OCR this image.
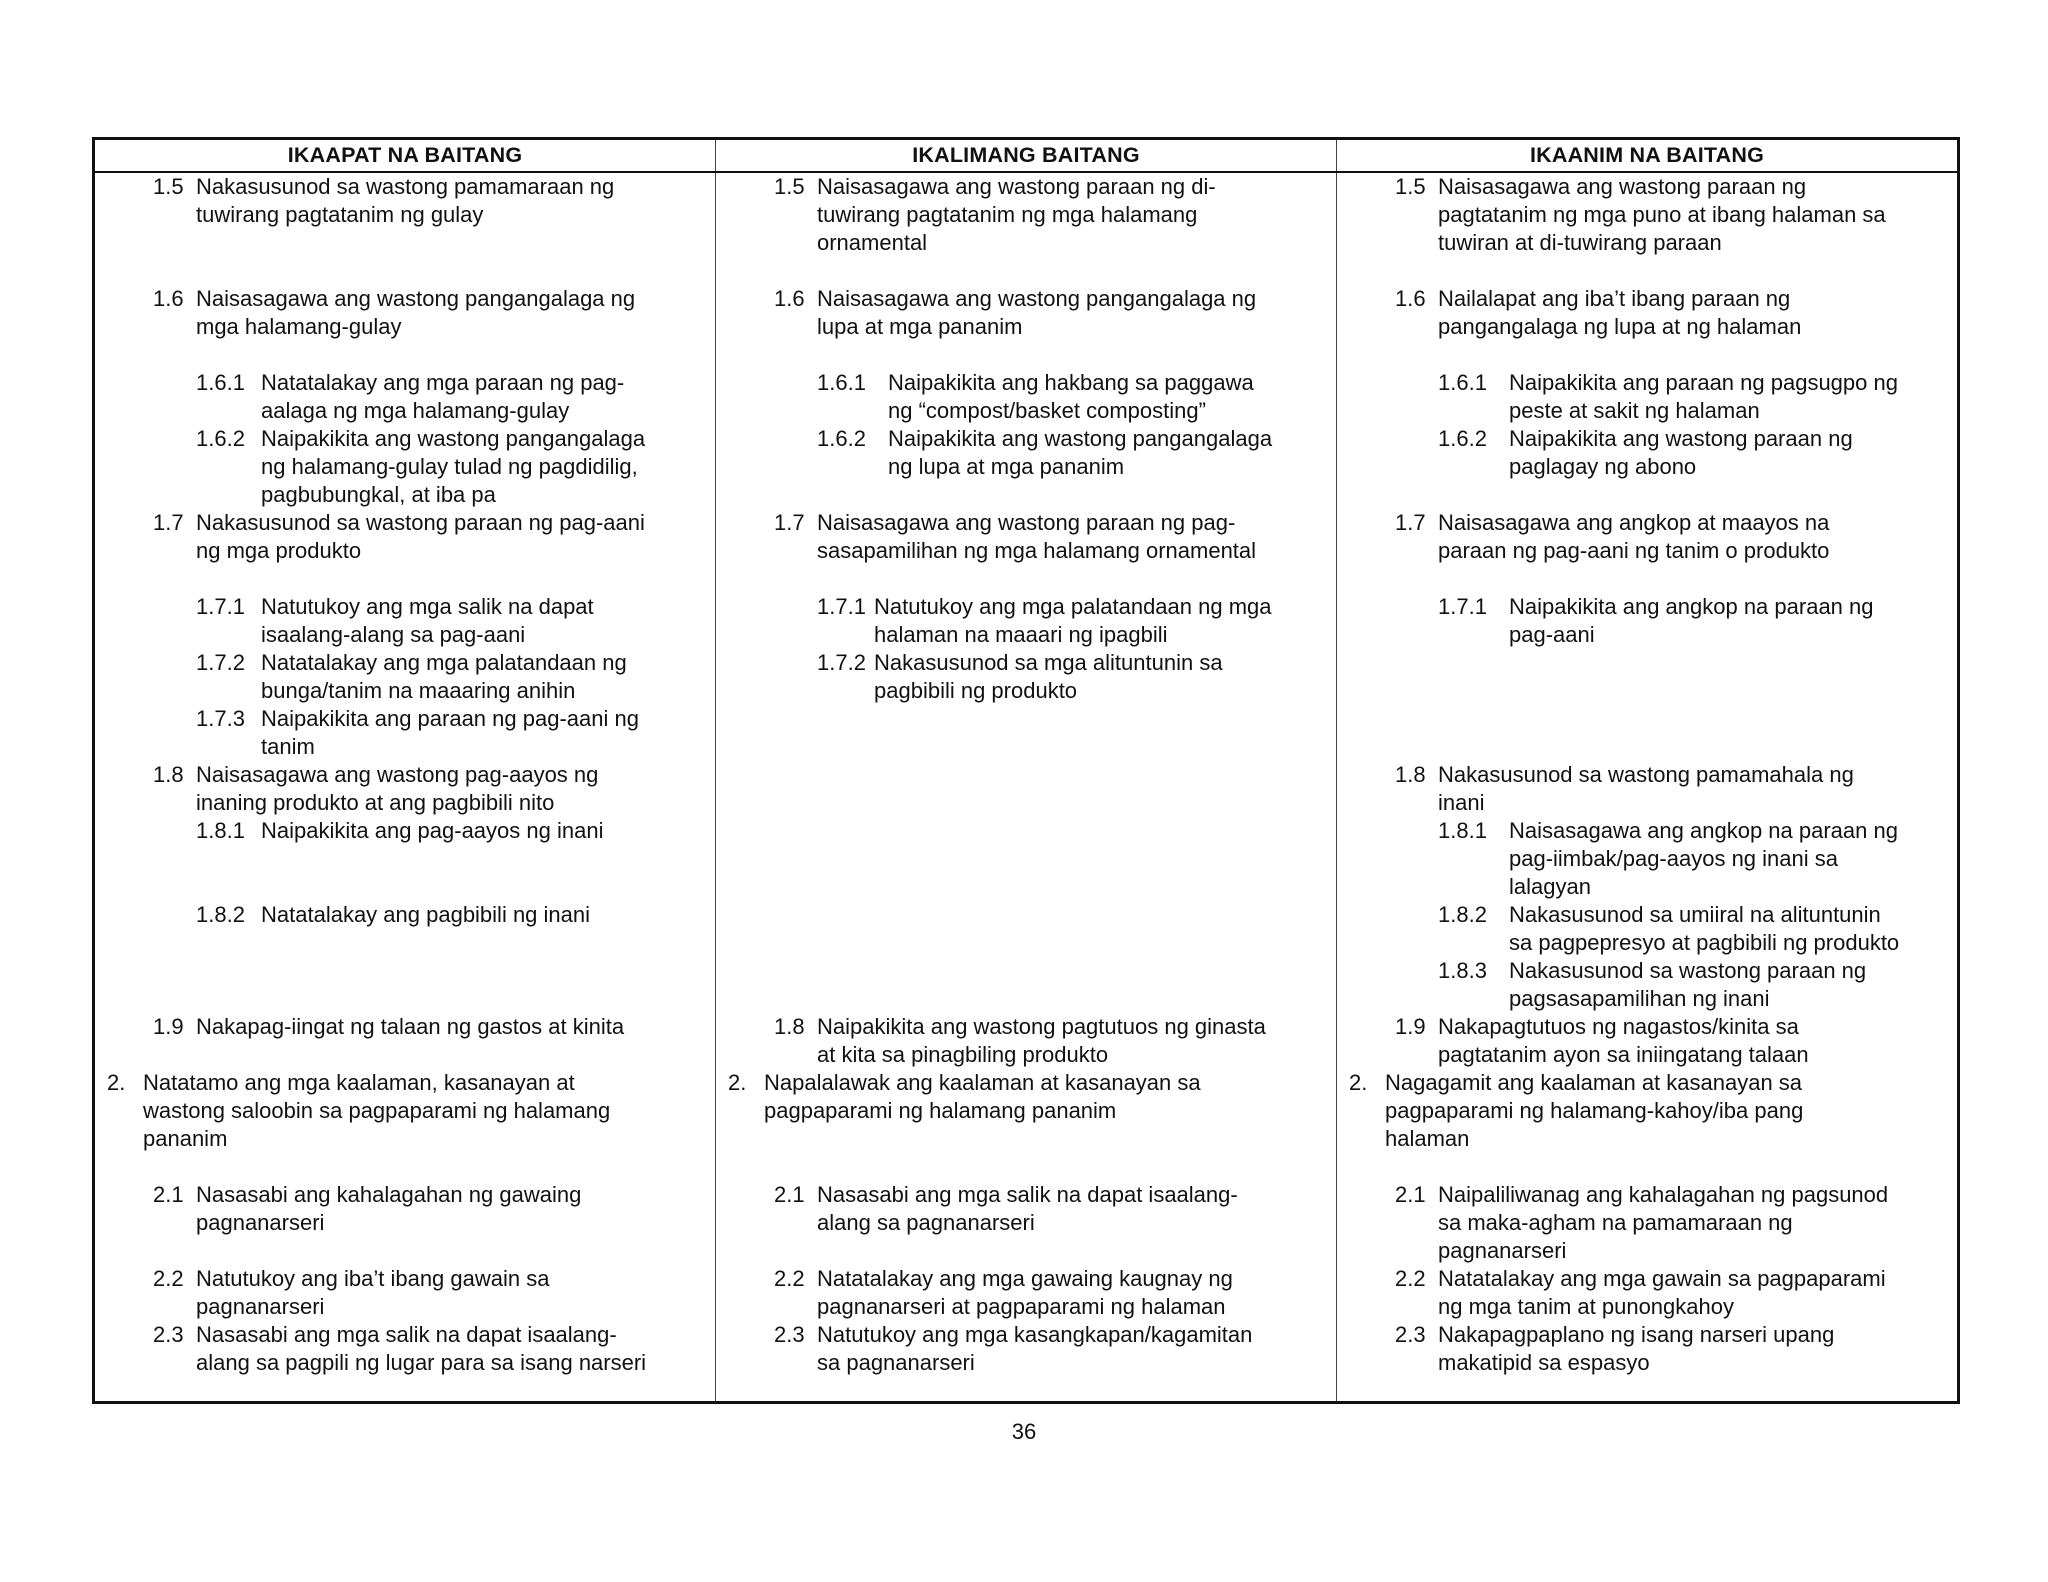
IKAAPAT NA BAITANG	IKALIMANG BAITANG	IKAANIM NA BAITANG
1.5 Nakasusunod sa wastong pamamaraan ng
tuwirang pagtatanim ng gulay
1.6 Naisasagawa ang wastong pangangalaga ng
mga halamang-gulay
1.6.1 Natatalakay ang mga paraan ng pag-
aalaga ng mga halamang-gulay
1.6.2 Naipakikita ang wastong pangangalaga
ng halamang-gulay tulad ng pagdidilig,
pagbubungkal, at iba pa
1.7 Nakasusunod sa wastong paraan ng pag-aani
ng mga produkto
1.7.1 Natutukoy ang mga salik na dapat
isaalang-alang sa pag-aani
1.7.2 Natatalakay ang mga palatandaan ng
bunga/tanim na maaaring anihin
1.7.3 Naipakikita ang paraan ng pag-aani ng
tanim
1.8 Naisasagawa ang wastong pag-aayos ng
inaning produkto at ang pagbibili nito
1.8.1 Naipakikita ang pag-aayos ng inani
1.8.2 Natatalakay ang pagbibili ng inani
1.9 Nakapag-iingat ng talaan ng gastos at kinita
2. Natatamo ang mga kaalaman, kasanayan at
wastong saloobin sa pagpaparami ng halamang
pananim
2.1 Nasasabi ang kahalagahan ng gawaing
pagnanarseri
2.2 Natutukoy ang iba’t ibang gawain sa
pagnanarseri
2.3 Nasasabi ang mga salik na dapat isaalang-
alang sa pagpili ng lugar para sa isang narseri
1.5 Naisasagawa ang wastong paraan ng di-
tuwirang pagtatanim ng mga halamang
ornamental
1.6 Naisasagawa ang wastong pangangalaga ng
lupa at mga pananim
1.6.1 Naipakikita ang hakbang sa paggawa
ng “compost/basket composting”
1.6.2 Naipakikita ang wastong pangangalaga
ng lupa at mga pananim
1.7 Naisasagawa ang wastong paraan ng pag-
sasapamilihan ng mga halamang ornamental
1.7.1 Natutukoy ang mga palatandaan ng mga
halaman na maaari ng ipagbili
1.7.2 Nakasusunod sa mga alituntunin sa
pagbibili ng produkto
1.8 Naipakikita ang wastong pagtutuos ng ginasta
at kita sa pinagbiling produkto
2. Napalalawak ang kaalaman at kasanayan sa
pagpaparami ng halamang pananim
2.1 Nasasabi ang mga salik na dapat isaalang-
alang sa pagnanarseri
2.2 Natatalakay ang mga gawaing kaugnay ng
pagnanarseri at pagpaparami ng halaman
2.3 Natutukoy ang mga kasangkapan/kagamitan
sa pagnanarseri
1.5 Naisasagawa ang wastong paraan ng
pagtatanim ng mga puno at ibang halaman sa
tuwiran at di-tuwirang paraan
1.6 Nailalapat ang iba’t ibang paraan ng
pangangalaga ng lupa at ng halaman
1.6.1 Naipakikita ang paraan ng pagsugpo ng
peste at sakit ng halaman
1.6.2 Naipakikita ang wastong paraan ng
paglagay ng abono
1.7 Naisasagawa ang angkop at maayos na
paraan ng pag-aani ng tanim o produkto
1.7.1 Naipakikita ang angkop na paraan ng
pag-aani
1.8 Nakasusunod sa wastong pamamahala ng
inani
1.8.1 Naisasagawa ang angkop na paraan ng
pag-iimbak/pag-aayos ng inani sa
lalagyan
1.8.2 Nakasusunod sa umiiral na alituntunin
sa pagpepresyo at pagbibili ng produkto
1.8.3 Nakasusunod sa wastong paraan ng
pagsasapamilihan ng inani
1.9 Nakapagtutuos ng nagastos/kinita sa
pagtatanim ayon sa iniingatang talaan
2. Nagagamit ang kaalaman at kasanayan sa
pagpaparami ng halamang-kahoy/iba pang
halaman
2.1 Naipaliliwanag ang kahalagahan ng pagsunod
sa maka-agham na pamamaraan ng
pagnanarseri
2.2 Natatalakay ang mga gawain sa pagpaparami
ng mga tanim at punongkahoy
2.3 Nakapagpaplano ng isang narseri upang
makatipid sa espasyo
36
